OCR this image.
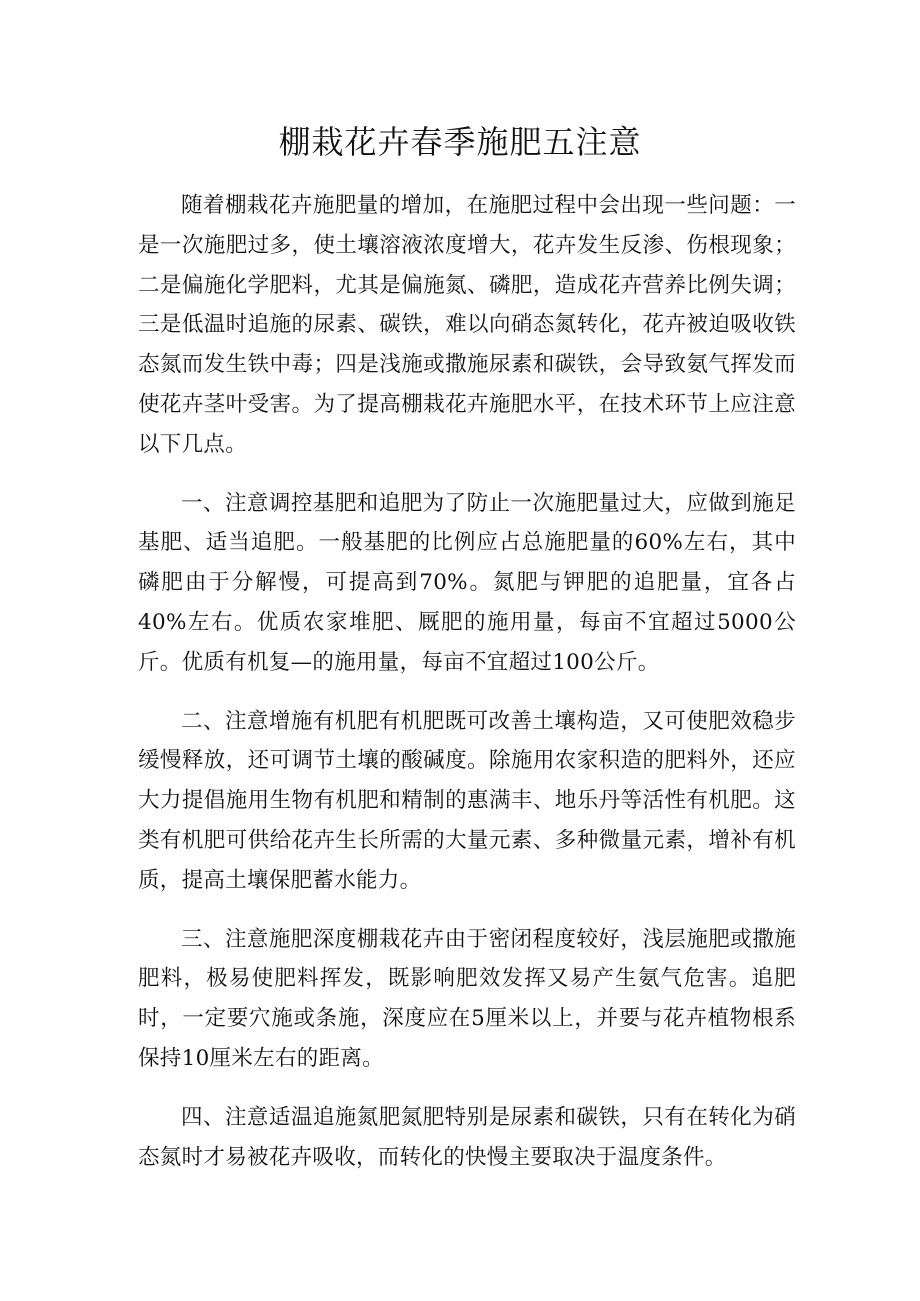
棚栽花卉春季施肥五注意

随着棚栽花卉施肥量的增加，在施肥过程中会出现一些问题：一是一次施肥过多，使土壤溶液浓度增大，花卉发生反渗、伤根现象；二是偏施化学肥料，尤其是偏施氮、磷肥，造成花卉营养比例失调；三是低温时追施的尿素、碳铁，难以向硝态氮转化，花卉被迫吸收铁态氮而发生铁中毒；四是浅施或撒施尿素和碳铁，会导致氨气挥发而使花卉茎叶受害。为了提高棚栽花卉施肥水平，在技术环节上应注意以下几点。

一、注意调控基肥和追肥为了防止一次施肥量过大，应做到施足基肥、适当追肥。一般基肥的比例应占总施肥量的60%左右，其中磷肥由于分解慢，可提高到70%。氮肥与钾肥的追肥量，宜各占40%左右。优质农家堆肥、厩肥的施用量，每亩不宜超过5000公斤。优质有机复—的施用量，每亩不宜超过100公斤。

二、注意增施有机肥有机肥既可改善土壤构造，又可使肥效稳步缓慢释放，还可调节土壤的酸碱度。除施用农家积造的肥料外，还应大力提倡施用生物有机肥和精制的惠满丰、地乐丹等活性有机肥。这类有机肥可供给花卉生长所需的大量元素、多种微量元素，增补有机质，提高土壤保肥蓄水能力。

三、注意施肥深度棚栽花卉由于密闭程度较好，浅层施肥或撒施肥料，极易使肥料挥发，既影响肥效发挥又易产生氨气危害。追肥时，一定要穴施或条施，深度应在5厘米以上，并要与花卉植物根系保持10厘米左右的距离。

四、注意适温追施氮肥氮肥特别是尿素和碳铁，只有在转化为硝态氮时才易被花卉吸收，而转化的快慢主要取决于温度条件。
